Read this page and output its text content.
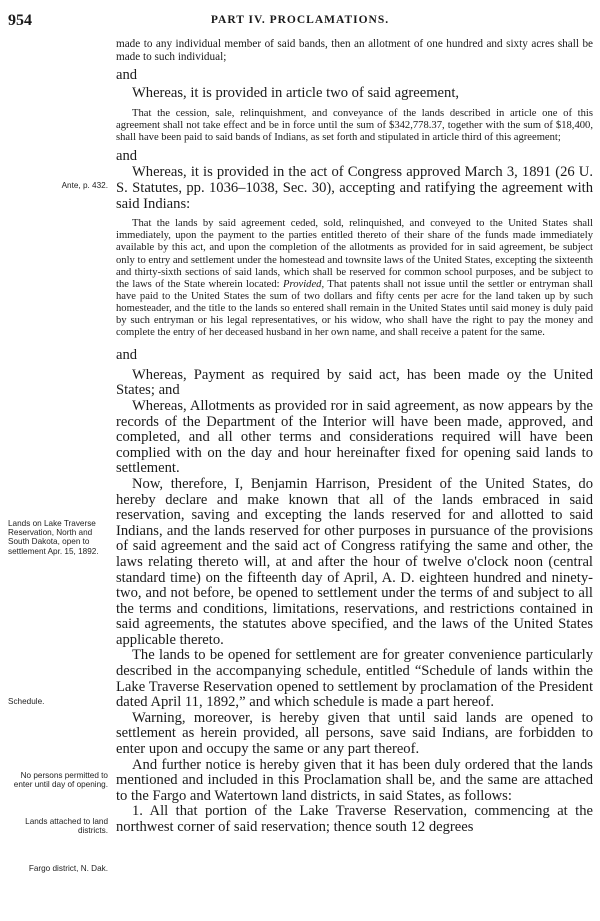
954	PART IV. PROCLAMATIONS.
Ante, p. 432.
Lands on Lake Traverse Reservation, North and South Dakota, open to settlement Apr. 15, 1892.
Schedule.
No persons permitted to enter until day of opening.
Lands attached to land districts.
Fargo district, N. Dak.

made to any individual member of said bands, then an allotment of one hundred and sixty acres shall be made to such individual;

and

Whereas, it is provided in article two of said agreement,

That the cession, sale, relinquishment, and conveyance of the lands described in article one of this agreement shall not take effect and be in force until the sum of $342,778.37, together with the sum of $18,400, shall have been paid to said bands of Indians, as set forth and stipulated in article third of this agreement;

and

Whereas, it is provided in the act of Congress approved March 3, 1891 (26 U. S. Statutes, pp. 1036–1038, Sec. 30), accepting and ratifying the agreement with said Indians:

That the lands by said agreement ceded, sold, relinquished, and conveyed to the United States shall immediately, upon the payment to the parties entitled thereto of their share of the funds made immediately available by this act, and upon the completion of the allotments as provided for in said agreement, be subject only to entry and settlement under the homestead and townsite laws of the United States, excepting the sixteenth and thirty-sixth sections of said lands, which shall be reserved for common school purposes, and be subject to the laws of the State wherein located: Provided, That patents shall not issue until the settler or entryman shall have paid to the United States the sum of two dollars and fifty cents per acre for the land taken up by such homesteader, and the title to the lands so entered shall remain in the United States until said money is duly paid by such entryman or his legal representatives, or his widow, who shall have the right to pay the money and complete the entry of her deceased husband in her own name, and shall receive a patent for the same.

and

Whereas, Payment as required by said act, has been made oy the United States; and

Whereas, Allotments as provided ror in said agreement, as now appears by the records of the Department of the Interior will have been made, approved, and completed, and all other terms and considerations required will have been complied with on the day and hour hereinafter fixed for opening said lands to settlement.

Now, therefore, I, Benjamin Harrison, President of the United States, do hereby declare and make known that all of the lands embraced in said reservation, saving and excepting the lands reserved for and allotted to said Indians, and the lands reserved for other purposes in pursuance of the provisions of said agreement and the said act of Congress ratifying the same and other, the laws relating thereto will, at and after the hour of twelve o'clock noon (central standard time) on the fifteenth day of April, A. D. eighteen hundred and ninety-two, and not before, be opened to settlement under the terms of and subject to all the terms and conditions, limitations, reservations, and restrictions contained in said agreements, the statutes above specified, and the laws of the United States applicable thereto.

The lands to be opened for settlement are for greater convenience particularly described in the accompanying schedule, entitled “Schedule of lands within the Lake Traverse Reservation opened to settlement by proclamation of the President dated April 11, 1892,” and which schedule is made a part hereof.

Warning, moreover, is hereby given that until said lands are opened to settlement as herein provided, all persons, save said Indians, are forbidden to enter upon and occupy the same or any part thereof.

And further notice is hereby given that it has been duly ordered that the lands mentioned and included in this Proclamation shall be, and the same are attached to the Fargo and Watertown land districts, in said States, as follows:

1. All that portion of the Lake Traverse Reservation, commencing at the northwest corner of said reservation; thence south 12 degrees
